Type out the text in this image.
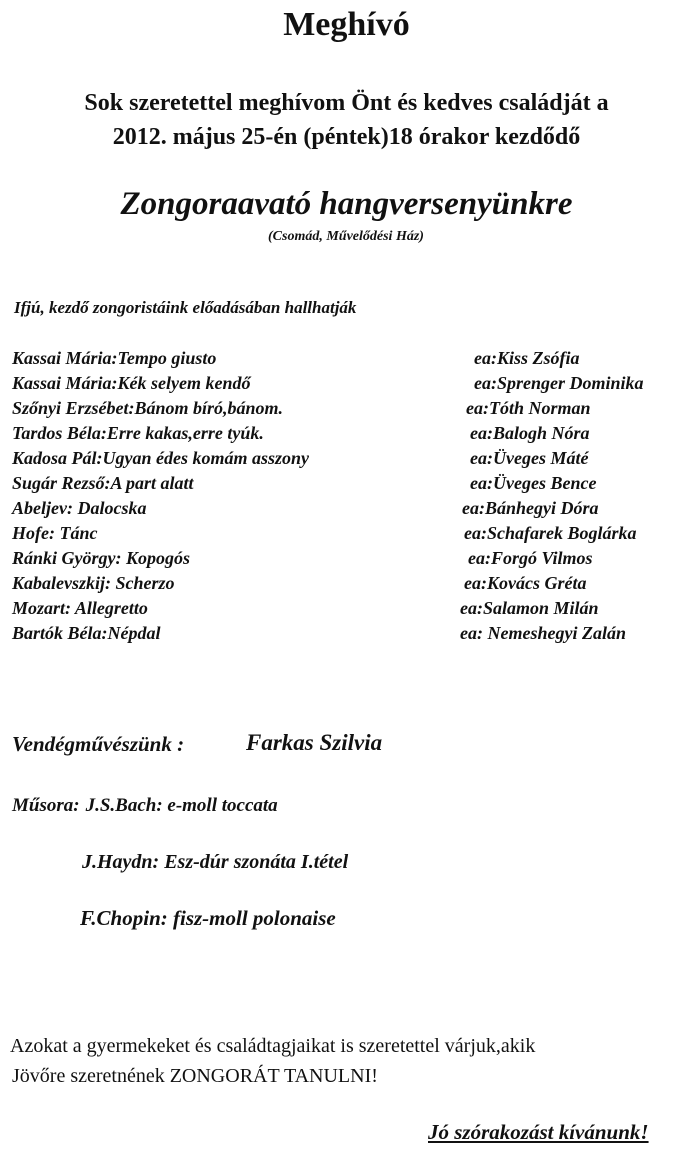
Meghívó
Sok szeretettel meghívom Önt és kedves családját a
2012. május 25-én (péntek)18 órakor kezdődő
Zongoraavató hangversenyünkre
(Csomád, Művelődési Ház)
Ifjú, kezdő zongoristáink előadásában hallhatják
Kassai Mária:Tempo giusto	ea:Kiss Zsófia
Kassai Mária:Kék selyem kendő	ea:Sprenger Dominika
Szőnyi Erzsébet:Bánom bíró,bánom.	ea:Tóth Norman
Tardos Béla:Erre kakas,erre tyúk.	ea:Balogh Nóra
Kadosa Pál:Ugyan édes komám asszony	ea:Üveges Máté
Sugár Rezső:A part alatt	ea:Üveges Bence
Abeljev: Dalocska	ea:Bánhegyi Dóra
Hofe: Tánc	ea:Schafarek Boglárka
Ránki György: Kopogós	ea:Forgó Vilmos
Kabalevszkij: Scherzo	ea:Kovács Gréta
Mozart: Allegretto	ea:Salamon Milán
Bartók Béla:Népdal	ea: Nemeshegyi Zalán
Vendégművészünk :	Farkas Szilvia
Műsora: J.S.Bach: e-moll toccata
J.Haydn: Esz-dúr szonáta I.tétel
F.Chopin: fisz-moll polonaise
Azokat a gyermekeket és családtagjaikat is szeretettel várjuk,akik
Jövőre szeretnének ZONGORÁT TANULNI!
Jó szórakozást kívánunk!
